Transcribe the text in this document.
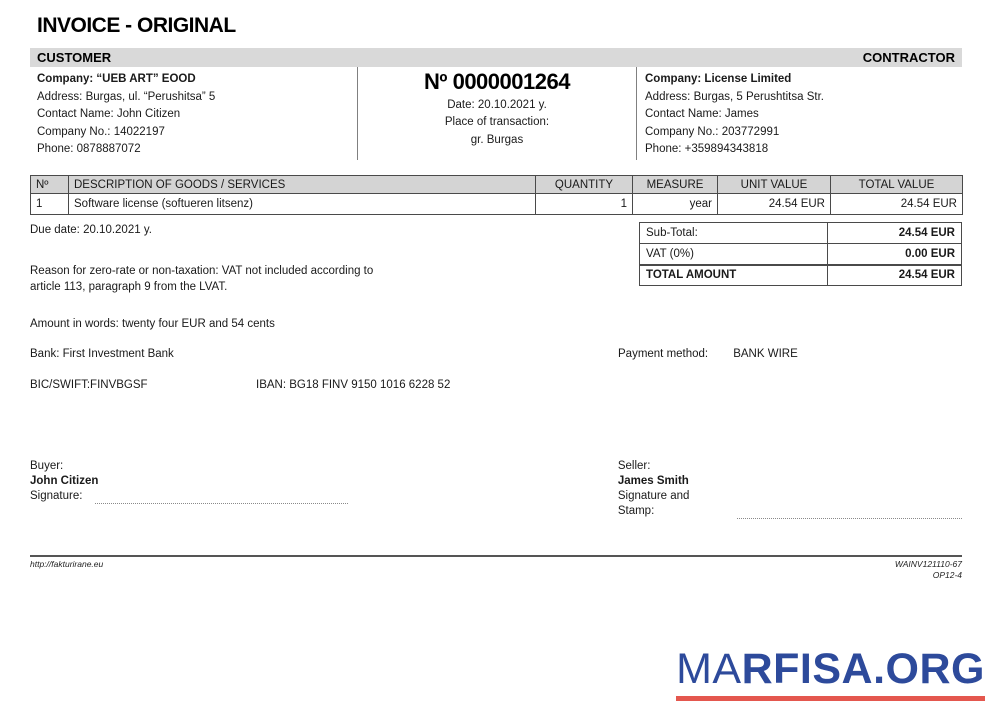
INVOICE - ORIGINAL
CUSTOMER	CONTRACTOR
Company: “UEB ART” EOOD
Address: Burgas, ul. “Perushitsa” 5
Contact Name: John Citizen
Company No.: 14022197
Phone: 0878887072
Nº 0000001264
Date: 20.10.2021 y.
Place of transaction:
gr. Burgas
Company: License Limited
Address: Burgas, 5 Perushtitsa Str.
Contact Name: James
Company No.: 203772991
Phone: +359894343818
Nº	DESCRIPTION OF GOODS / SERVICES	QUANTITY	MEASURE	UNIT VALUE	TOTAL VALUE
1	Software license (softueren litsenz)	1	year	24.54 EUR	24.54 EUR
Due date: 20.10.2021 y.
Reason for zero-rate or non-taxation: VAT not included according to
article 113, paragraph 9 from the LVAT.
Amount in words: twenty four EUR and 54 cents
Sub-Total:	24.54 EUR
VAT (0%)	0.00 EUR
TOTAL AMOUNT	24.54 EUR
Bank: First Investment Bank	Payment method: BANK WIRE
BIC/SWIFT:FINVBGSF	IBAN: BG18 FINV 9150 1016 6228 52
Buyer:
John Citizen
Signature:
Seller:
James Smith
Signature and Stamp:
http://fakturirane.eu	WAINV121110-67
OP12-4
MARFISA.ORG
